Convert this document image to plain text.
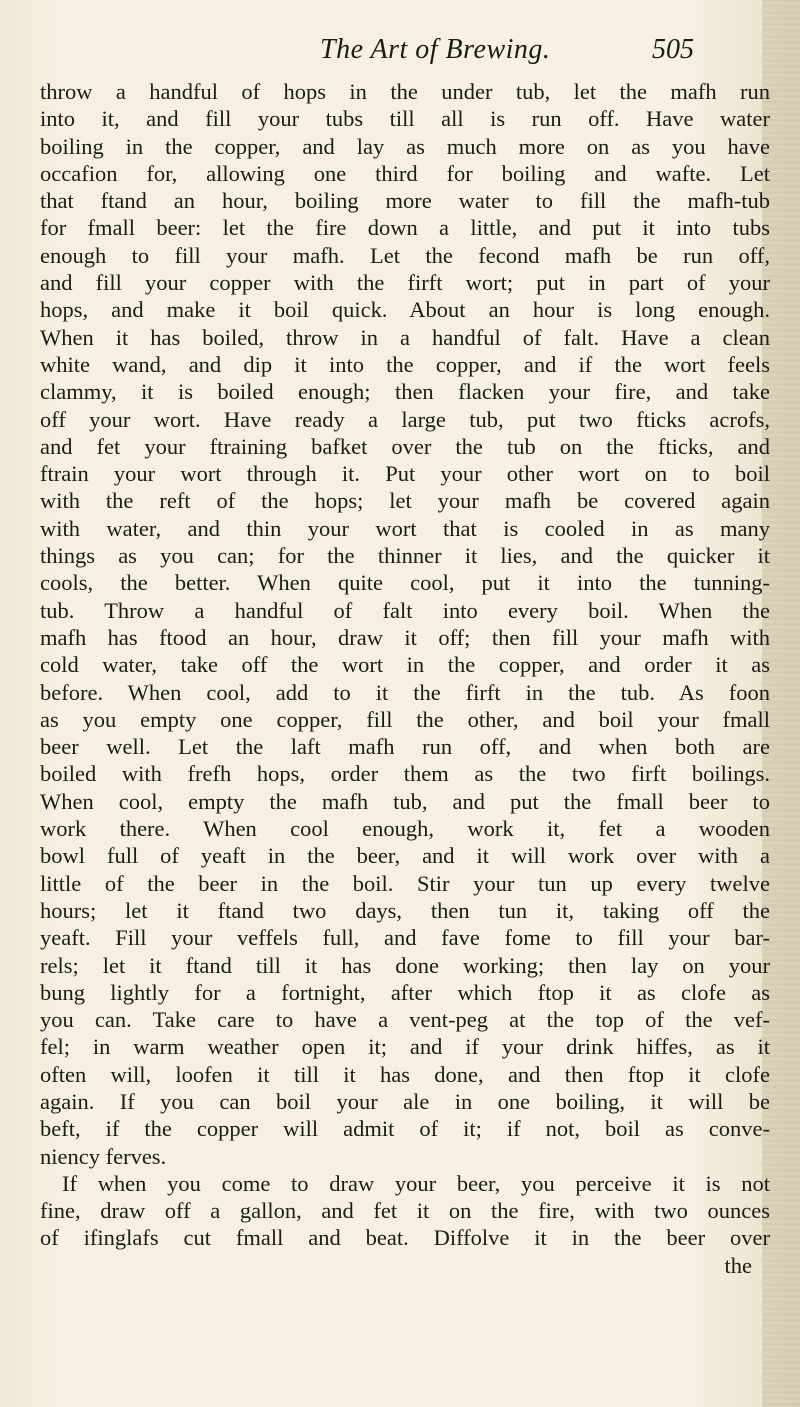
The Art of Brewing.	505
throw a handful of hops in the under tub, let the mafh run
into it, and fill your tubs till all is run off. Have water
boiling in the copper, and lay as much more on as you have
occafion for, allowing one third for boiling and wafte. Let
that ftand an hour, boiling more water to fill the mafh-tub
for fmall beer: let the fire down a little, and put it into tubs
enough to fill your mafh. Let the fecond mafh be run off,
and fill your copper with the firft wort; put in part of your
hops, and make it boil quick. About an hour is long enough.
When it has boiled, throw in a handful of falt. Have a clean
white wand, and dip it into the copper, and if the wort feels
clammy, it is boiled enough; then flacken your fire, and take
off your wort. Have ready a large tub, put two fticks acrofs,
and fet your ftraining bafket over the tub on the fticks, and
ftrain your wort through it. Put your other wort on to boil
with the reft of the hops; let your mafh be covered again
with water, and thin your wort that is cooled in as many
things as you can; for the thinner it lies, and the quicker it
cools, the better. When quite cool, put it into the tunning-
tub. Throw a handful of falt into every boil. When the
mafh has ftood an hour, draw it off; then fill your mafh with
cold water, take off the wort in the copper, and order it as
before. When cool, add to it the firft in the tub. As foon
as you empty one copper, fill the other, and boil your fmall
beer well. Let the laft mafh run off, and when both are
boiled with frefh hops, order them as the two firft boilings.
When cool, empty the mafh tub, and put the fmall beer to
work there. When cool enough, work it, fet a wooden
bowl full of yeaft in the beer, and it will work over with a
little of the beer in the boil. Stir your tun up every twelve
hours; let it ftand two days, then tun it, taking off the
yeaft. Fill your veffels full, and fave fome to fill your bar-
rels; let it ftand till it has done working; then lay on your
bung lightly for a fortnight, after which ftop it as clofe as
you can. Take care to have a vent-peg at the top of the vef-
fel; in warm weather open it; and if your drink hiffes, as it
often will, loofen it till it has done, and then ftop it clofe
again. If you can boil your ale in one boiling, it will be
beft, if the copper will admit of it; if not, boil as conve-
niency ferves.
If when you come to draw your beer, you perceive it is not
fine, draw off a gallon, and fet it on the fire, with two ounces
of ifinglafs cut fmall and beat. Diffolve it in the beer over
the
